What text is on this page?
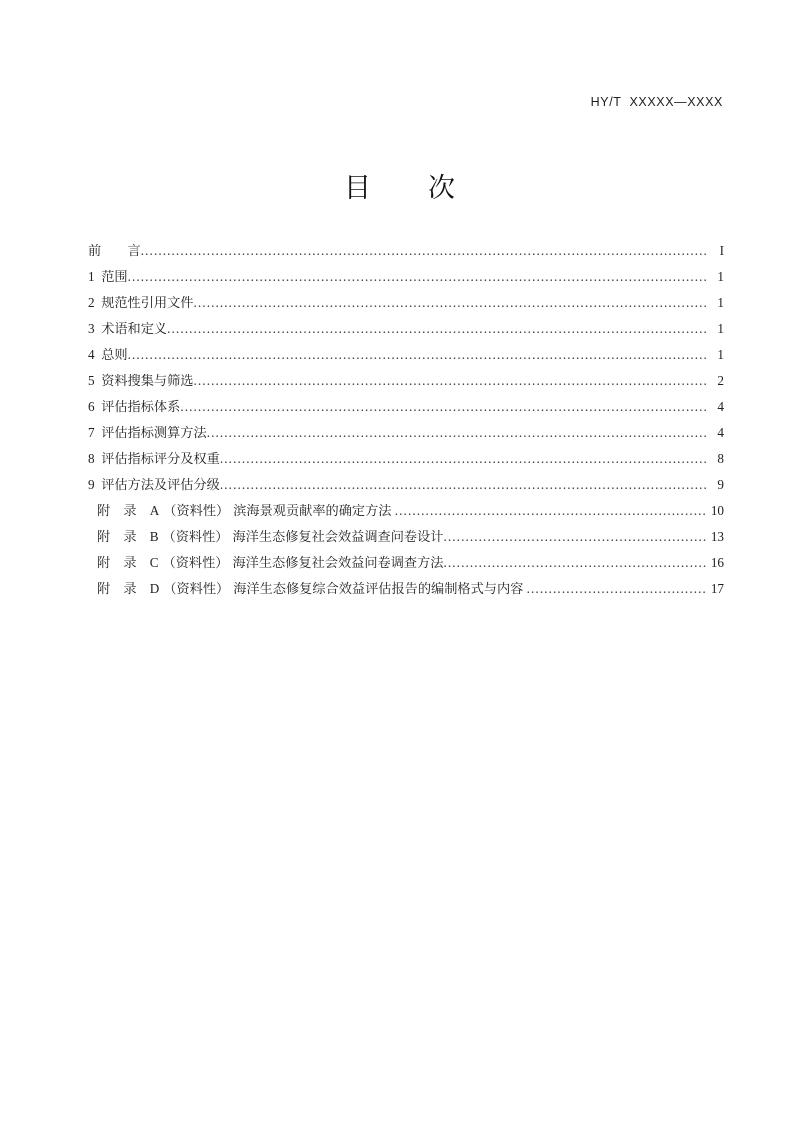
HY/T  XXXXX—XXXX
目　　次
前　　言 .....	I
1  范围 .....	1
2  规范性引用文件 .....	1
3  术语和定义 .....	1
4  总则 .....	1
5  资料搜集与筛选 .....	2
6  评估指标体系 .....	4
7  评估指标测算方法 .....	4
8  评估指标评分及权重 .....	8
9  评估方法及评估分级 .....	9
附　录　A （资料性） 滨海景观贡献率的确定方法 .....	10
附　录　B （资料性） 海洋生态修复社会效益调查问卷设计 .....	13
附　录　C （资料性） 海洋生态修复社会效益问卷调查方法 .....	16
附　录　D （资料性） 海洋生态修复综合效益评估报告的编制格式与内容 .....	17
